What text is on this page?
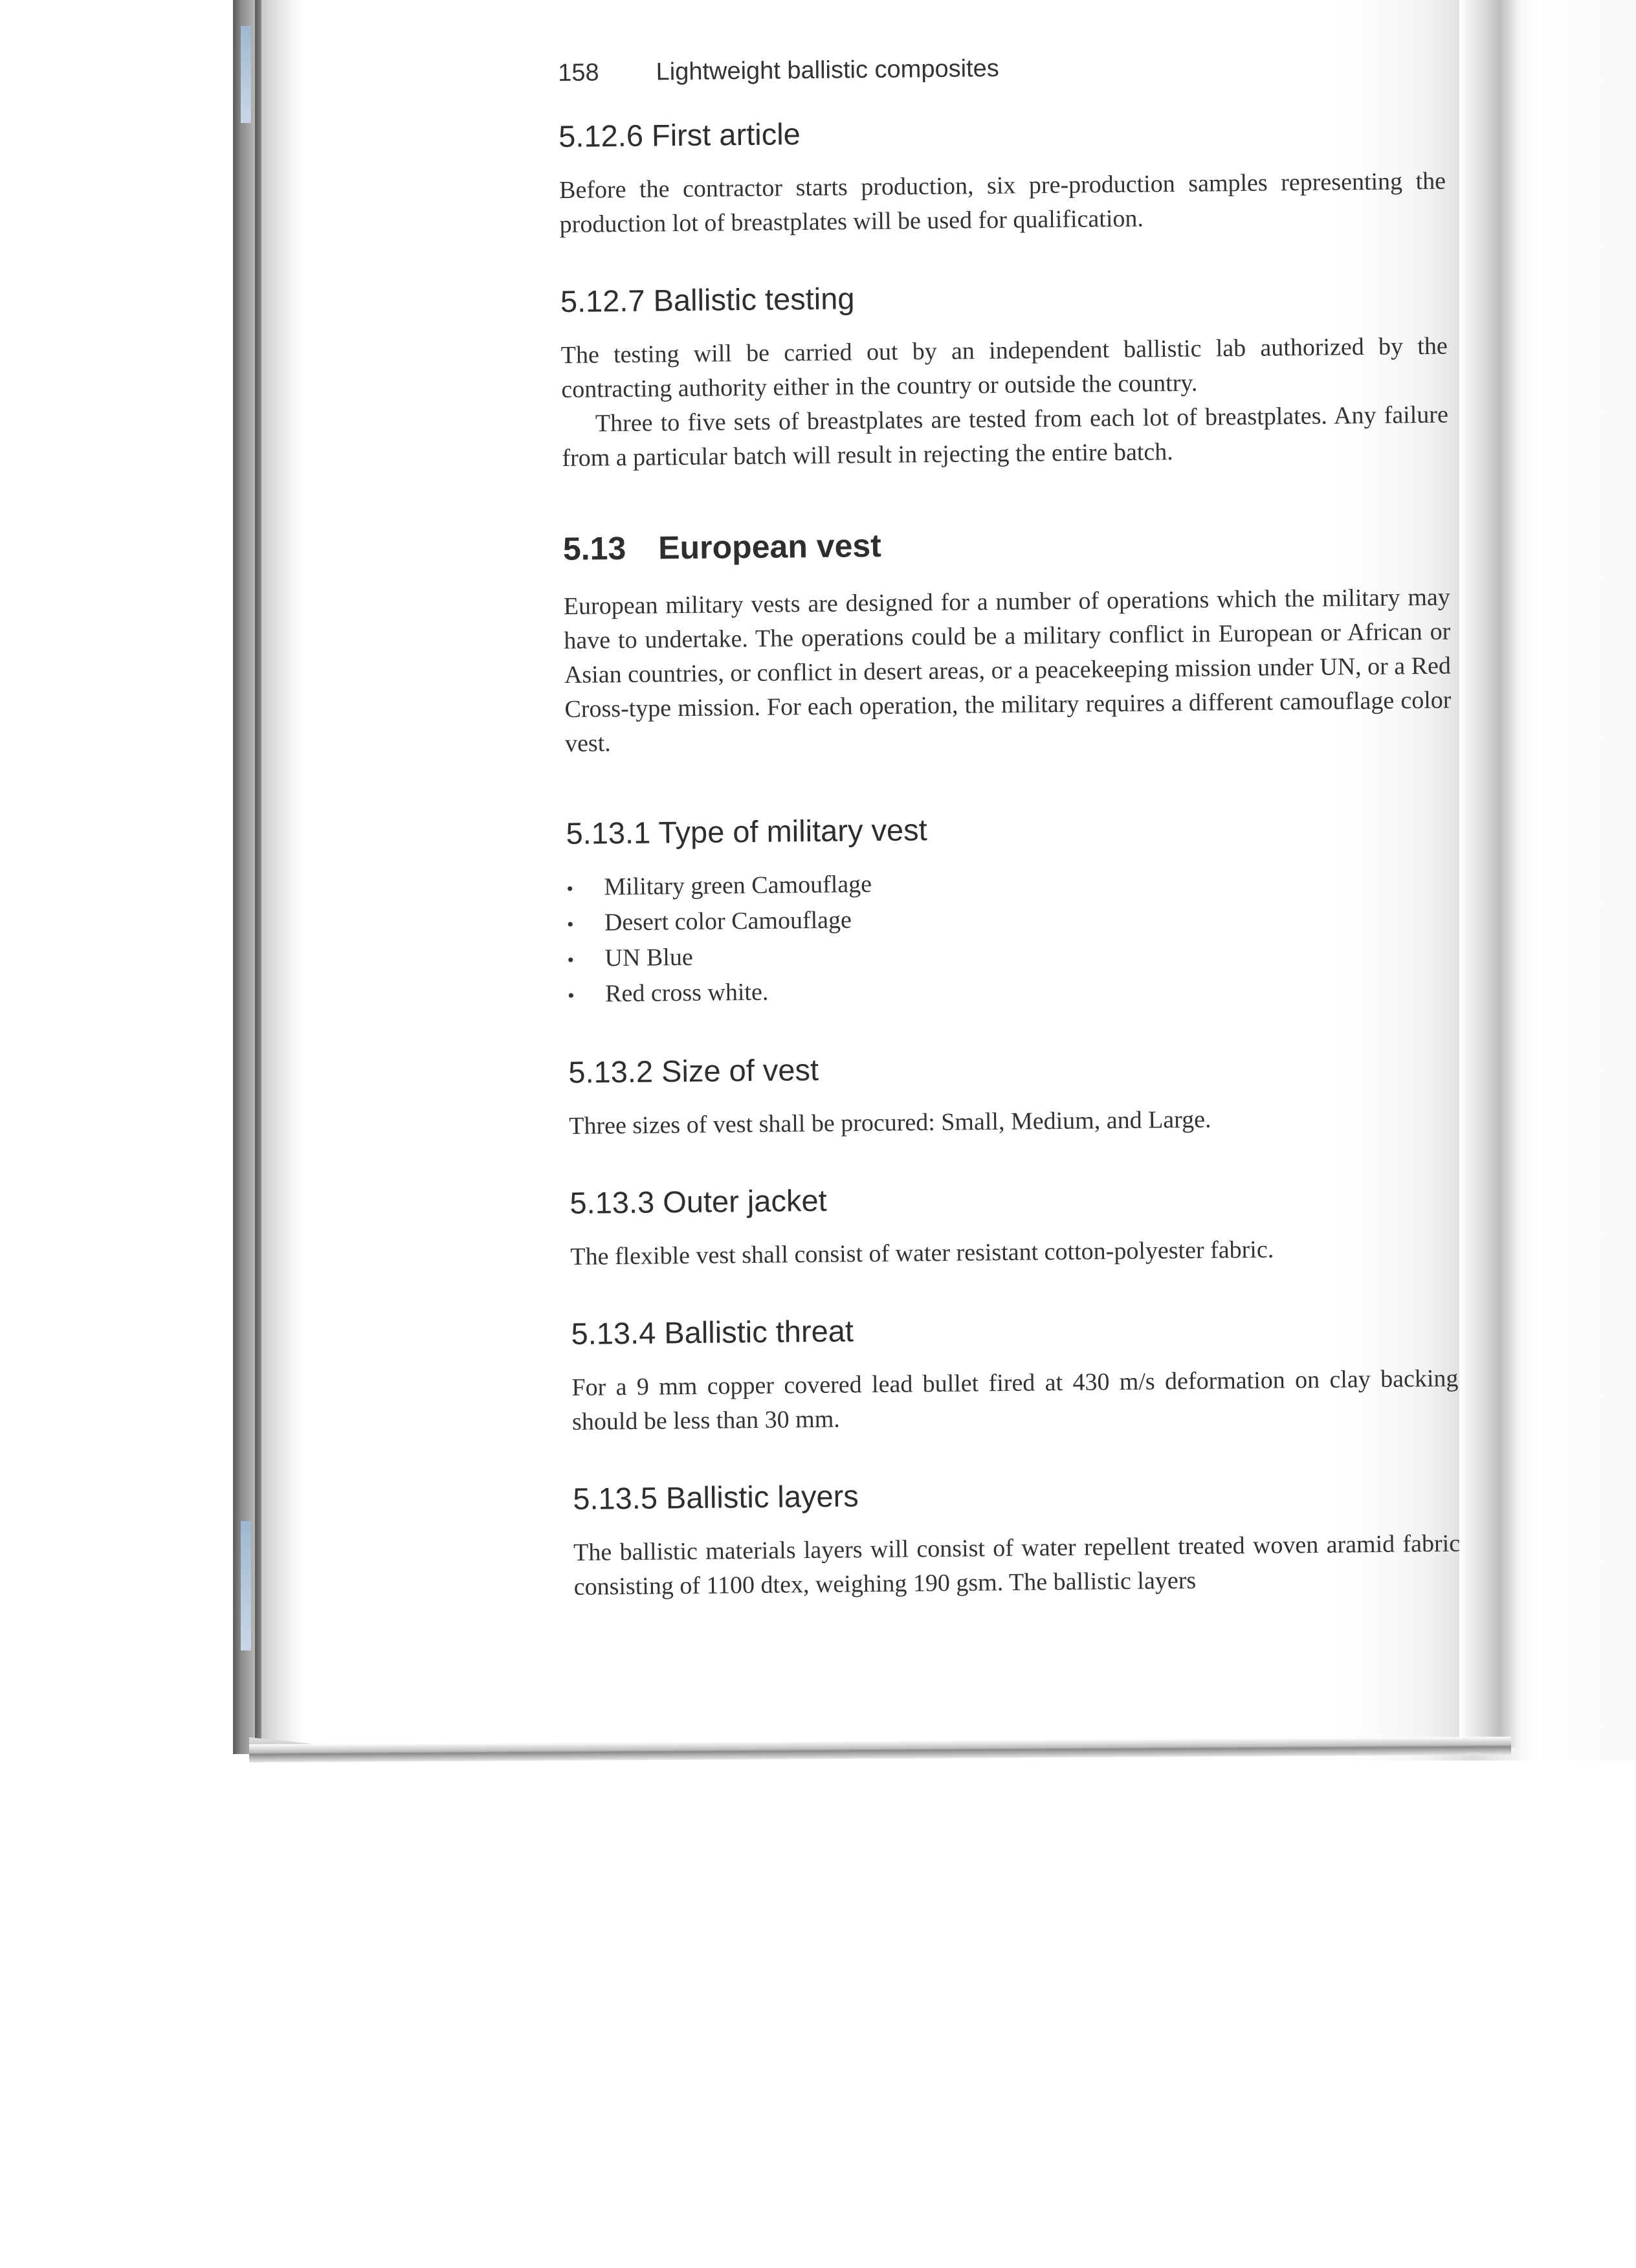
158 Lightweight ballistic composites
5.12.6 First article

Before the contractor starts production, six pre-production samples representing the production lot of breastplates will be used for qualification.

5.12.7 Ballistic testing

The testing will be carried out by an independent ballistic lab authorized by the contracting authority either in the country or outside the country.

Three to five sets of breastplates are tested from each lot of breastplates. Any failure from a particular batch will result in rejecting the entire batch.

5.13 European vest

European military vests are designed for a number of operations which the military may have to undertake. The operations could be a military conflict in European or African or Asian countries, or conflict in desert areas, or a peacekeeping mission under UN, or a Red Cross-type mission. For each operation, the military requires a different camouflage color vest.

5.13.1 Type of military vest
•	Military green Camouflage
•	Desert color Camouflage
•	UN Blue
•	Red cross white.
5.13.2 Size of vest

Three sizes of vest shall be procured: Small, Medium, and Large.

5.13.3 Outer jacket

The flexible vest shall consist of water resistant cotton-polyester fabric.

5.13.4 Ballistic threat

For a 9 mm copper covered lead bullet fired at 430 m/s deformation on clay backing should be less than 30 mm.

5.13.5 Ballistic layers

The ballistic materials layers will consist of water repellent treated woven aramid fabric consisting of 1100 dtex, weighing 190 gsm. The ballistic layers
